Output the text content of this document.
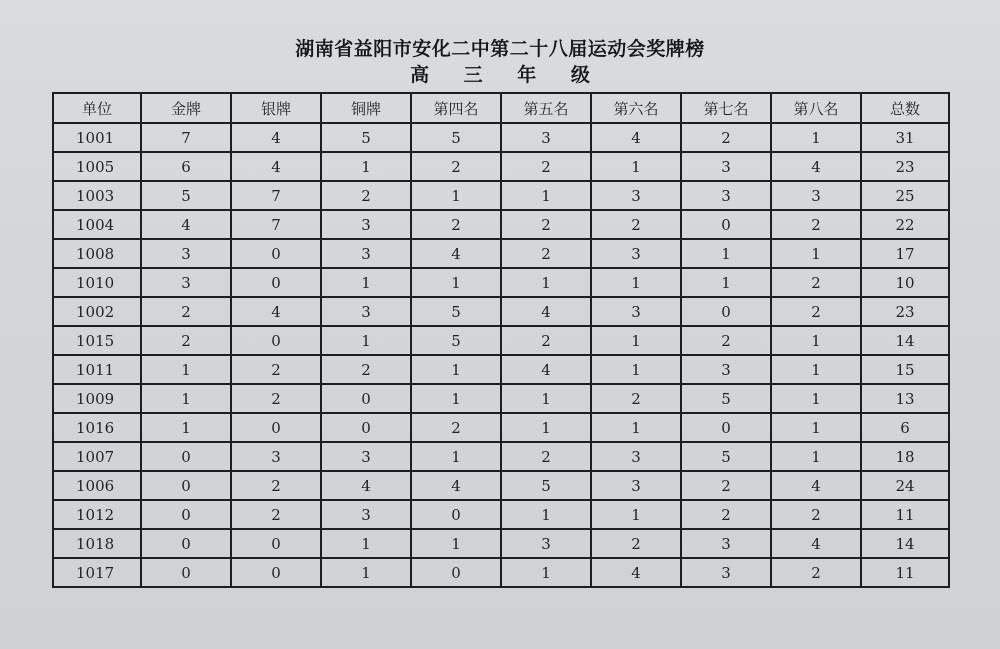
湖南省益阳市安化二中第二十八届运动会奖牌榜
高 三 年 级
单位	金牌	银牌	铜牌	第四名	第五名	第六名	第七名	第八名	总数
1001	7	4	5	5	3	4	2	1	31
1005	6	4	1	2	2	1	3	4	23
1003	5	7	2	1	1	3	3	3	25
1004	4	7	3	2	2	2	0	2	22
1008	3	0	3	4	2	3	1	1	17
1010	3	0	1	1	1	1	1	2	10
1002	2	4	3	5	4	3	0	2	23
1015	2	0	1	5	2	1	2	1	14
1011	1	2	2	1	4	1	3	1	15
1009	1	2	0	1	1	2	5	1	13
1016	1	0	0	2	1	1	0	1	6
1007	0	3	3	1	2	3	5	1	18
1006	0	2	4	4	5	3	2	4	24
1012	0	2	3	0	1	1	2	2	11
1018	0	0	1	1	3	2	3	4	14
1017	0	0	1	0	1	4	3	2	11
